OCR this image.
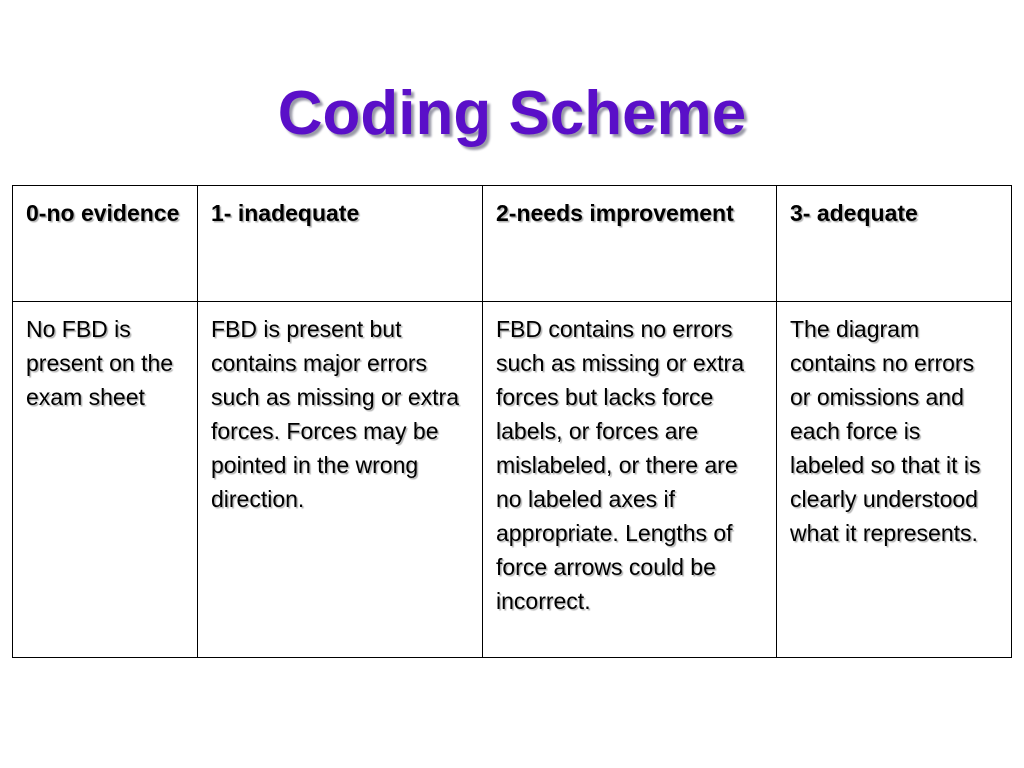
Coding Scheme
0-no evidence	1- inadequate	2-needs improvement	3- adequate
No FBD is present on the exam sheet	FBD is present but contains major errors such as missing or extra forces. Forces may be pointed in the wrong direction.	FBD contains no errors such as missing or extra forces but lacks force labels, or forces are mislabeled, or there are no labeled axes if appropriate. Lengths of force arrows could be incorrect.	The diagram contains no errors or omissions and each force is labeled so that it is clearly understood what it represents.
